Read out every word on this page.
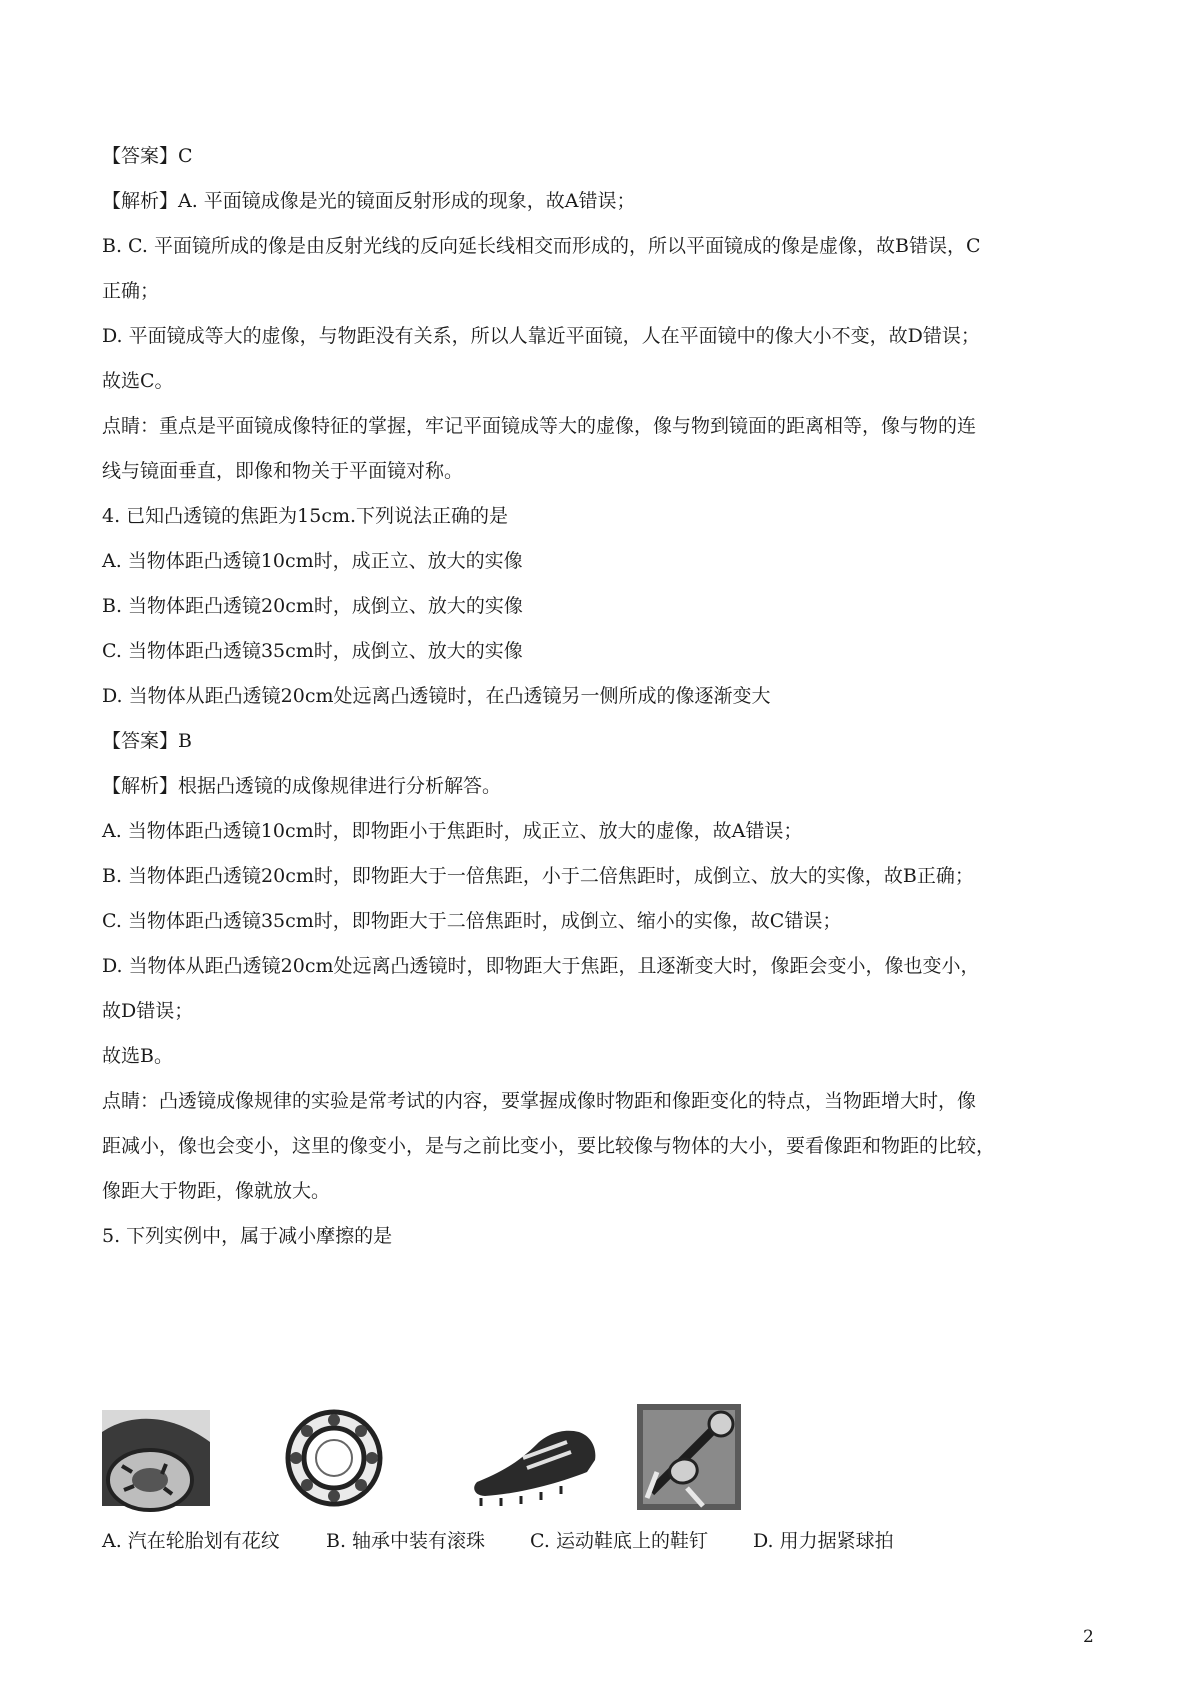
【答案】C
【解析】A. 平面镜成像是光的镜面反射形成的现象，故A错误；
B. C. 平面镜所成的像是由反射光线的反向延长线相交而形成的，所以平面镜成的像是虚像，故B错误，C
正确；
D. 平面镜成等大的虚像，与物距没有关系，所以人靠近平面镜，人在平面镜中的像大小不变，故D错误；
故选C。
点睛：重点是平面镜成像特征的掌握，牢记平面镜成等大的虚像，像与物到镜面的距离相等，像与物的连
线与镜面垂直，即像和物关于平面镜对称。
4. 已知凸透镜的焦距为15cm.下列说法正确的是
A. 当物体距凸透镜10cm时，成正立、放大的实像
B. 当物体距凸透镜20cm时，成倒立、放大的实像
C. 当物体距凸透镜35cm时，成倒立、放大的实像
D. 当物体从距凸透镜20cm处远离凸透镜时，在凸透镜另一侧所成的像逐渐变大
【答案】B
【解析】根据凸透镜的成像规律进行分析解答。
A. 当物体距凸透镜10cm时，即物距小于焦距时，成正立、放大的虚像，故A错误；
B. 当物体距凸透镜20cm时，即物距大于一倍焦距，小于二倍焦距时，成倒立、放大的实像，故B正确；
C. 当物体距凸透镜35cm时，即物距大于二倍焦距时，成倒立、缩小的实像，故C错误；
D. 当物体从距凸透镜20cm处远离凸透镜时，即物距大于焦距，且逐渐变大时，像距会变小，像也变小，
故D错误；
故选B。
点睛：凸透镜成像规律的实验是常考试的内容，要掌握成像时物距和像距变化的特点，当物距增大时，像
距减小，像也会变小，这里的像变小，是与之前比变小，要比较像与物体的大小，要看像距和物距的比较，
像距大于物距，像就放大。
5. 下列实例中，属于减小摩擦的是
A. 汽在轮胎划有花纹 B. 轴承中装有滚珠 C. 运动鞋底上的鞋钉 D. 用力据紧球拍
2
